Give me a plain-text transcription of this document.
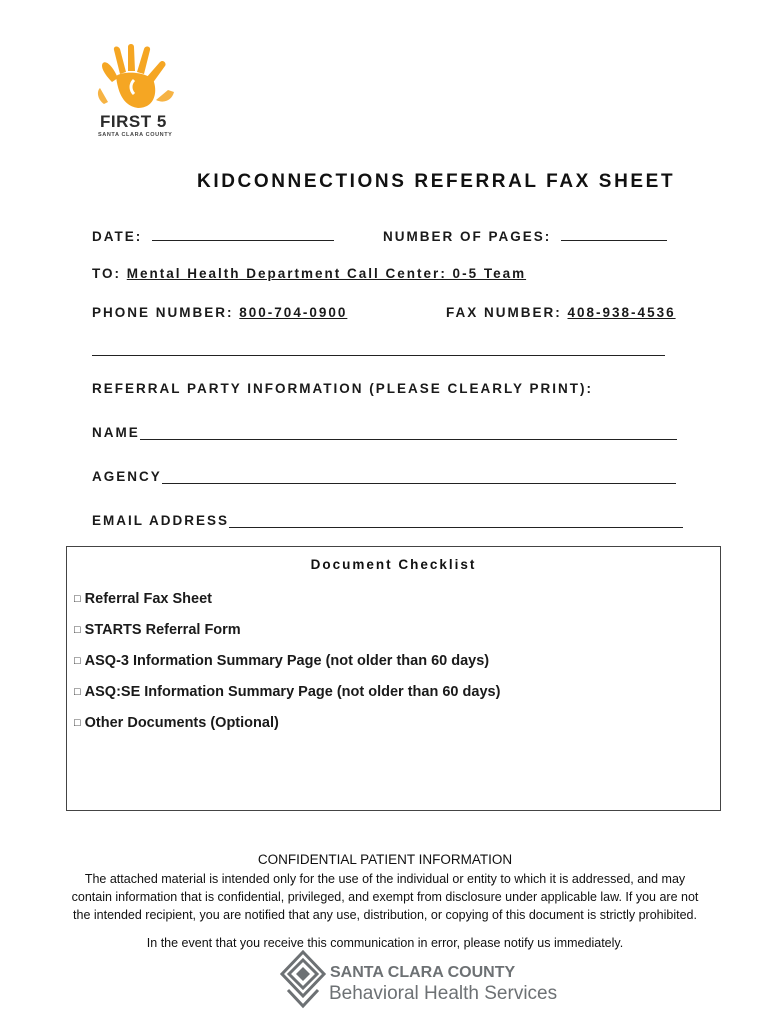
FIRST 5
SANTA CLARA COUNTY
KIDCONNECTIONS REFERRAL FAX SHEET
DATE:	NUMBER OF PAGES:
TO: Mental Health Department Call Center: 0-5 Team
PHONE NUMBER: 800-704-0900	FAX NUMBER: 408-938-4536
REFERRAL PARTY INFORMATION (PLEASE CLEARLY PRINT):
NAME
AGENCY
EMAIL ADDRESS
Document Checklist
□ Referral Fax Sheet
□ STARTS Referral Form
□ ASQ-3 Information Summary Page (not older than 60 days)
□ ASQ:SE Information Summary Page (not older than 60 days)
□ Other Documents (Optional)
CONFIDENTIAL PATIENT INFORMATION
The attached material is intended only for the use of the individual or entity to which it is addressed, and may
contain information that is confidential, privileged, and exempt from disclosure under applicable law. If you are not
the intended recipient, you are notified that any use, distribution, or copying of this document is strictly prohibited.
In the event that you receive this communication in error, please notify us immediately.
SANTA CLARA COUNTY
Behavioral Health Services
